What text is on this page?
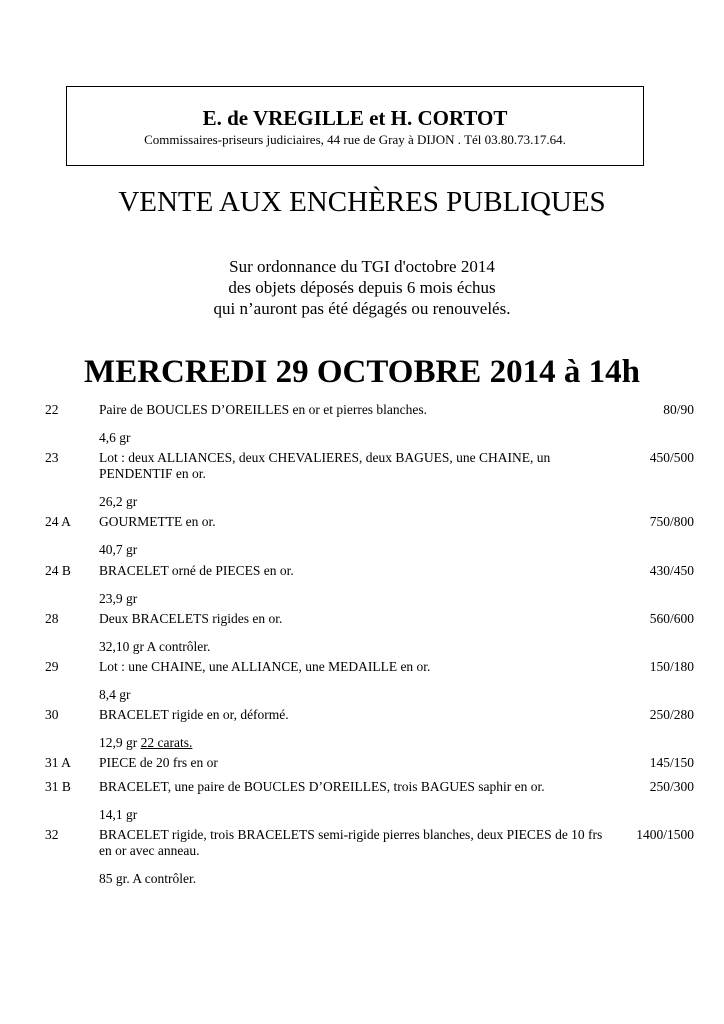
E. de VREGILLE et H. CORTOT
Commissaires-priseurs judiciaires, 44 rue de Gray à DIJON . Tél 03.80.73.17.64.
VENTE AUX ENCHÈRES PUBLIQUES
Sur ordonnance du TGI d'octobre 2014
des objets déposés depuis 6 mois échus
qui n’auront pas été dégagés ou renouvelés.
MERCREDI 29 OCTOBRE 2014 à 14h
22	Paire de BOUCLES D’OREILLES en or et pierres blanches.	80/90
4,6 gr
23	Lot : deux ALLIANCES, deux CHEVALIERES, deux BAGUES, une CHAINE, un PENDENTIF en or.
450/500
26,2 gr
24 A GOURMETTE en or.	750/800
40,7 gr
24 B BRACELET orné de PIECES en or.	430/450
23,9 gr
28	Deux BRACELETS rigides en or.	560/600
32,10 gr A contrôler.
29	Lot : une CHAINE, une ALLIANCE, une MEDAILLE en or.	150/180
8,4 gr
30	BRACELET rigide en or, déformé.	250/280
12,9 gr 22 carats.
31 A PIECE de 20 frs en or	145/150
31 B BRACELET, une paire de BOUCLES D’OREILLES, trois BAGUES saphir en or.	250/300
14,1 gr
32	BRACELET rigide, trois BRACELETS semi-rigide pierres blanches, deux PIECES de 10 frs en or avec anneau.
1400/1500
85 gr. A contrôler.
